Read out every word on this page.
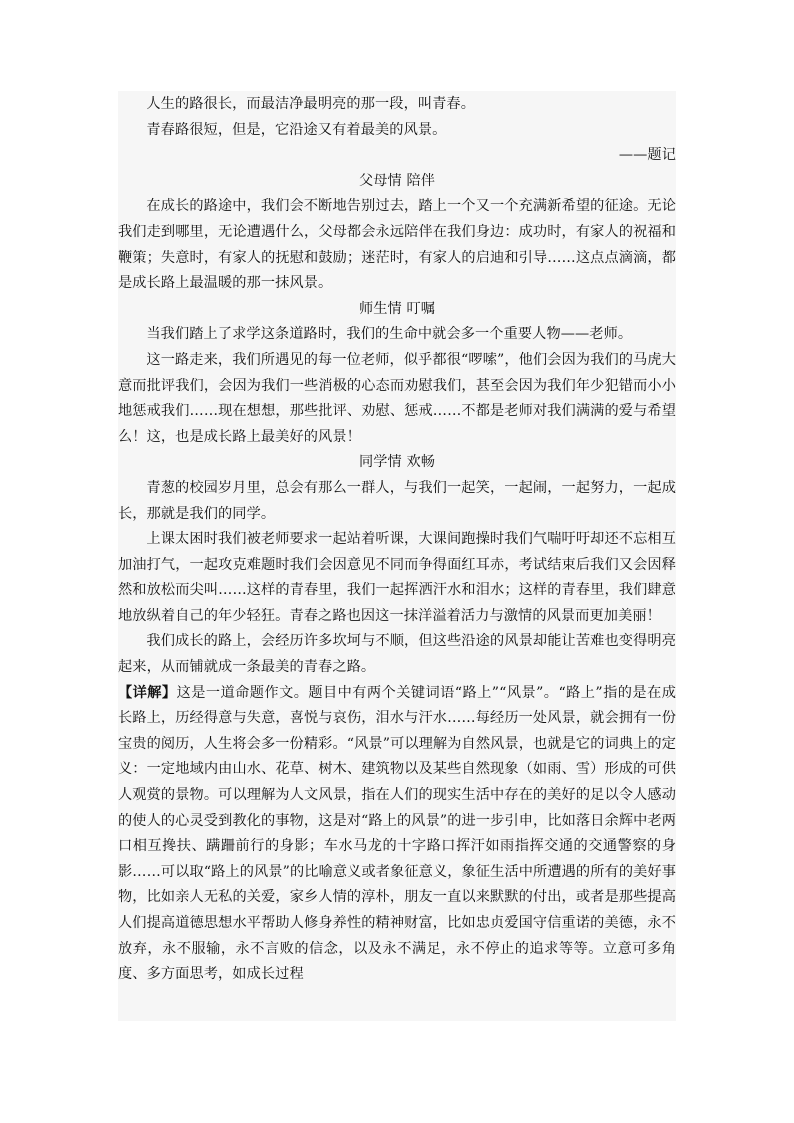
人生的路很长，而最洁净最明亮的那一段，叫青春。

青春路很短，但是，它沿途又有着最美的风景。

——题记

父母情 陪伴

在成长的路途中，我们会不断地告别过去，踏上一个又一个充满新希望的征途。无论我们走到哪里，无论遭遇什么，父母都会永远陪伴在我们身边：成功时，有家人的祝福和鞭策；失意时，有家人的抚慰和鼓励；迷茫时，有家人的启迪和引导……这点点滴滴，都是成长路上最温暖的那一抹风景。

师生情 叮嘱

当我们踏上了求学这条道路时，我们的生命中就会多一个重要人物——老师。

这一路走来，我们所遇见的每一位老师，似乎都很“啰嗦”，他们会因为我们的马虎大意而批评我们，会因为我们一些消极的心态而劝慰我们，甚至会因为我们年少犯错而小小地惩戒我们……现在想想，那些批评、劝慰、惩戒……不都是老师对我们满满的爱与希望么！这，也是成长路上最美好的风景！

同学情 欢畅

青葱的校园岁月里，总会有那么一群人，与我们一起笑，一起闹，一起努力，一起成长，那就是我们的同学。

上课太困时我们被老师要求一起站着听课，大课间跑操时我们气喘吁吁却还不忘相互加油打气，一起攻克难题时我们会因意见不同而争得面红耳赤，考试结束后我们又会因释然和放松而尖叫……这样的青春里，我们一起挥洒汗水和泪水；这样的青春里，我们肆意地放纵着自己的年少轻狂。青春之路也因这一抹洋溢着活力与激情的风景而更加美丽！

我们成长的路上，会经历许多坎坷与不顺，但这些沿途的风景却能让苦难也变得明亮起来，从而铺就成一条最美的青春之路。

【详解】这是一道命题作文。题目中有两个关键词语“路上”“风景”。“路上”指的是在成长路上，历经得意与失意，喜悦与哀伤，泪水与汗水……每经历一处风景，就会拥有一份宝贵的阅历，人生将会多一份精彩。“风景”可以理解为自然风景，也就是它的词典上的定义：一定地域内由山水、花草、树木、建筑物以及某些自然现象（如雨、雪）形成的可供人观赏的景物。可以理解为人文风景，指在人们的现实生活中存在的美好的足以令人感动的使人的心灵受到教化的事物，这是对“路上的风景”的进一步引申，比如落日余辉中老两口相互搀扶、蹒跚前行的身影；车水马龙的十字路口挥汗如雨指挥交通的交通警察的身影……可以取“路上的风景”的比喻意义或者象征意义，象征生活中所遭遇的所有的美好事物，比如亲人无私的关爱，家乡人情的淳朴，朋友一直以来默默的付出，或者是那些提高人们提高道德思想水平帮助人修身养性的精神财富，比如忠贞爱国守信重诺的美德，永不放弃，永不服输，永不言败的信念，以及永不满足，永不停止的追求等等。立意可多角度、多方面思考，如成长过程
